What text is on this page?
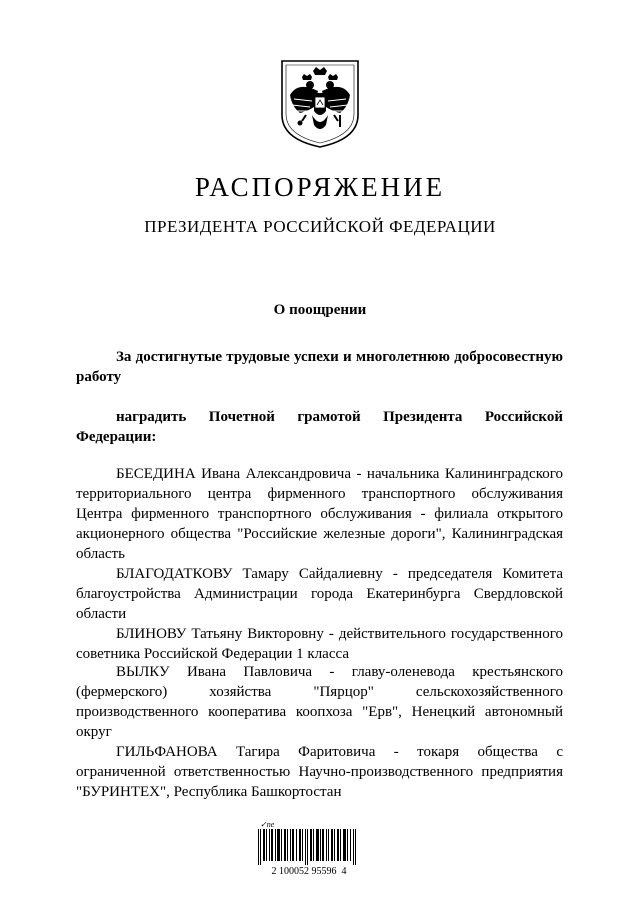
РАСПОРЯЖЕНИЕ
ПРЕЗИДЕНТА РОССИЙСКОЙ ФЕДЕРАЦИИ
О поощрении
За достигнутые трудовые успехи и многолетнюю добросовестную работу
наградить Почетной грамотой Президента Российской Федерации:
БЕСЕДИНА Ивана Александровича - начальника Калининградского территориального центра фирменного транспортного обслуживания Центра фирменного транспортного обслуживания - филиала открытого акционерного общества "Российские железные дороги", Калининградская область
БЛАГОДАТКОВУ Тамару Сайдалиевну - председателя Комитета благоустройства Администрации города Екатеринбурга Свердловской области
БЛИНОВУ Татьяну Викторовну - действительного государственного советника Российской Федерации 1 класса
ВЫЛКУ Ивана Павловича - главу-оленевода крестьянского (фермерского) хозяйства "Пярцор" сельскохозяйственного производственного кооператива коопхоза "Ерв", Ненецкий автономный округ
ГИЛЬФАНОВА Тагира Фаритовича - токаря общества с ограниченной ответственностью Научно-производственного предприятия "БУРИНТЕХ", Республика Башкортостан
✓ne
2 100052 95596  4
